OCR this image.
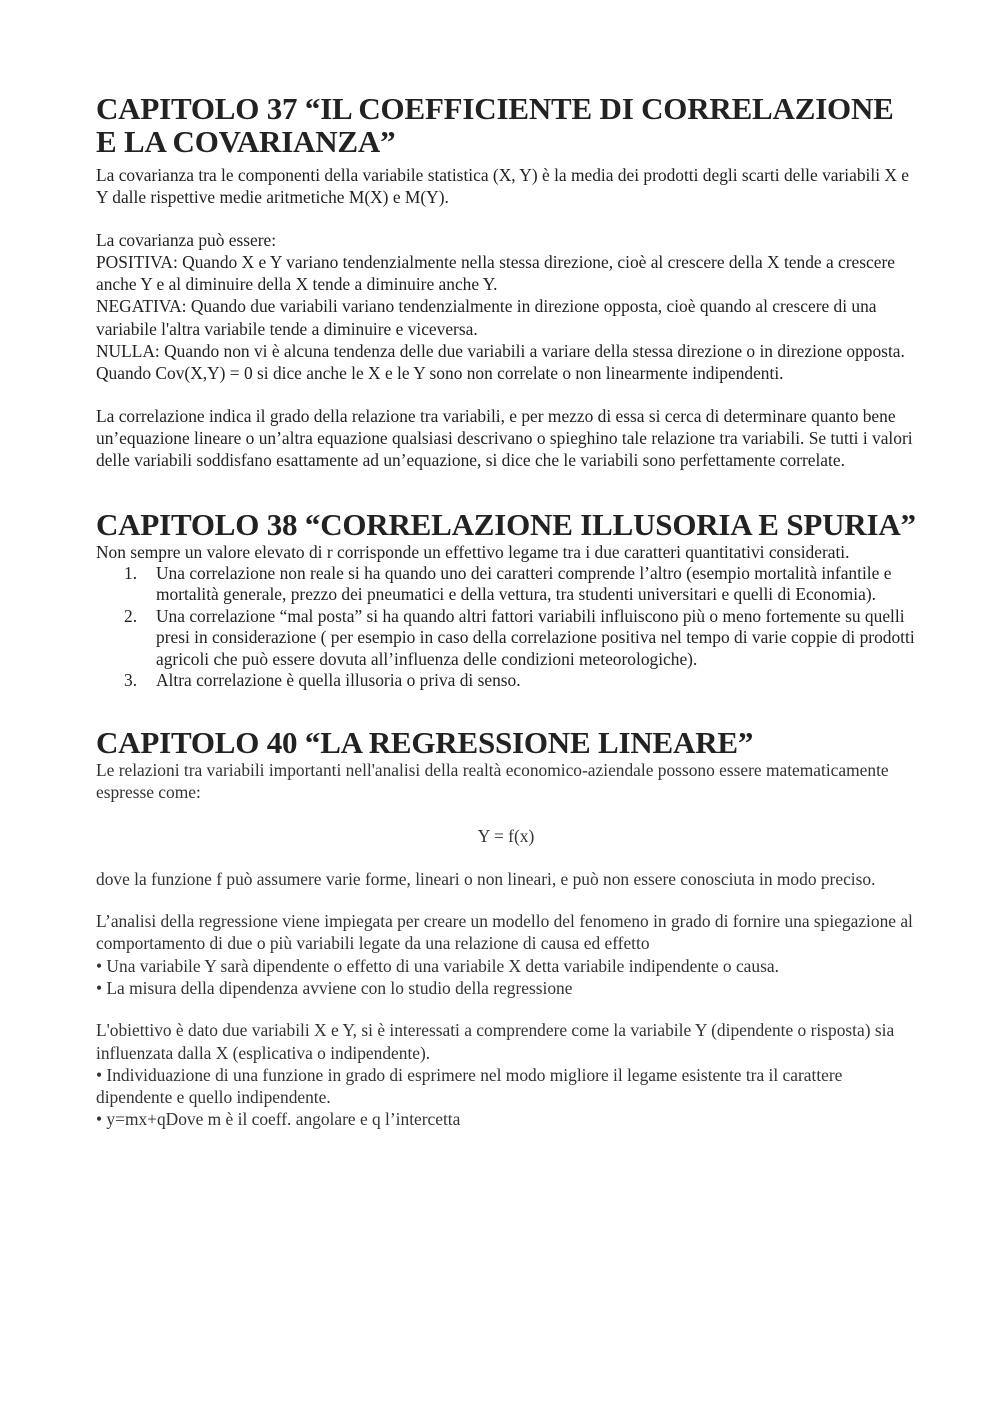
CAPITOLO 37 “IL COEFFICIENTE DI CORRELAZIONE E LA COVARIANZA”

La covarianza tra le componenti della variabile statistica (X, Y) è la media dei prodotti degli scarti delle variabili X e Y dalle rispettive medie aritmetiche M(X) e M(Y).

La covarianza può essere:

POSITIVA: Quando X e Y variano tendenzialmente nella stessa direzione, cioè al crescere della X tende a crescere anche Y e al diminuire della X tende a diminuire anche Y.

NEGATIVA: Quando due variabili variano tendenzialmente in direzione opposta, cioè quando al crescere di una variabile l'altra variabile tende a diminuire e viceversa.

NULLA: Quando non vi è alcuna tendenza delle due variabili a variare della stessa direzione o in direzione opposta. Quando Cov(X,Y) = 0 si dice anche le X e le Y sono non correlate o non linearmente indipendenti.

La correlazione indica il grado della relazione tra variabili, e per mezzo di essa si cerca di determinare quanto bene un’equazione lineare o un’altra equazione qualsiasi descrivano o spieghino tale relazione tra variabili. Se tutti i valori delle variabili soddisfano esattamente ad un’equazione, si dice che le variabili sono perfettamente correlate.

CAPITOLO 38 “CORRELAZIONE ILLUSORIA E SPURIA”

Non sempre un valore elevato di r corrisponde un effettivo legame tra i due caratteri quantitativi considerati.

1. Una correlazione non reale si ha quando uno dei caratteri comprende l’altro (esempio mortalità infantile e mortalità generale, prezzo dei pneumatici e della vettura, tra studenti universitari e quelli di Economia).
2. Una correlazione “mal posta” si ha quando altri fattori variabili influiscono più o meno fortemente su quelli presi in considerazione ( per esempio in caso della correlazione positiva nel tempo di varie coppie di prodotti agricoli che può essere dovuta all’influenza delle condizioni meteorologiche).
3. Altra correlazione è quella illusoria o priva di senso.
CAPITOLO 40 “LA REGRESSIONE LINEARE”

Le relazioni tra variabili importanti nell'analisi della realtà economico-aziendale possono essere matematicamente espresse come:

Y = f(x)

dove la funzione f può assumere varie forme, lineari o non lineari, e può non essere conosciuta in modo preciso.

L’analisi della regressione viene impiegata per creare un modello del fenomeno in grado di fornire una spiegazione al comportamento di due o più variabili legate da una relazione di causa ed effetto

• Una variabile Y sarà dipendente o effetto di una variabile X detta variabile indipendente o causa.

• La misura della dipendenza avviene con lo studio della regressione

L'obiettivo è dato due variabili X e Y, si è interessati a comprendere come la variabile Y (dipendente o risposta) sia influenzata dalla X (esplicativa o indipendente).

• Individuazione di una funzione in grado di esprimere nel modo migliore il legame esistente tra il carattere dipendente e quello indipendente.

• y=mx+qDove m è il coeff. angolare e q l’intercetta
